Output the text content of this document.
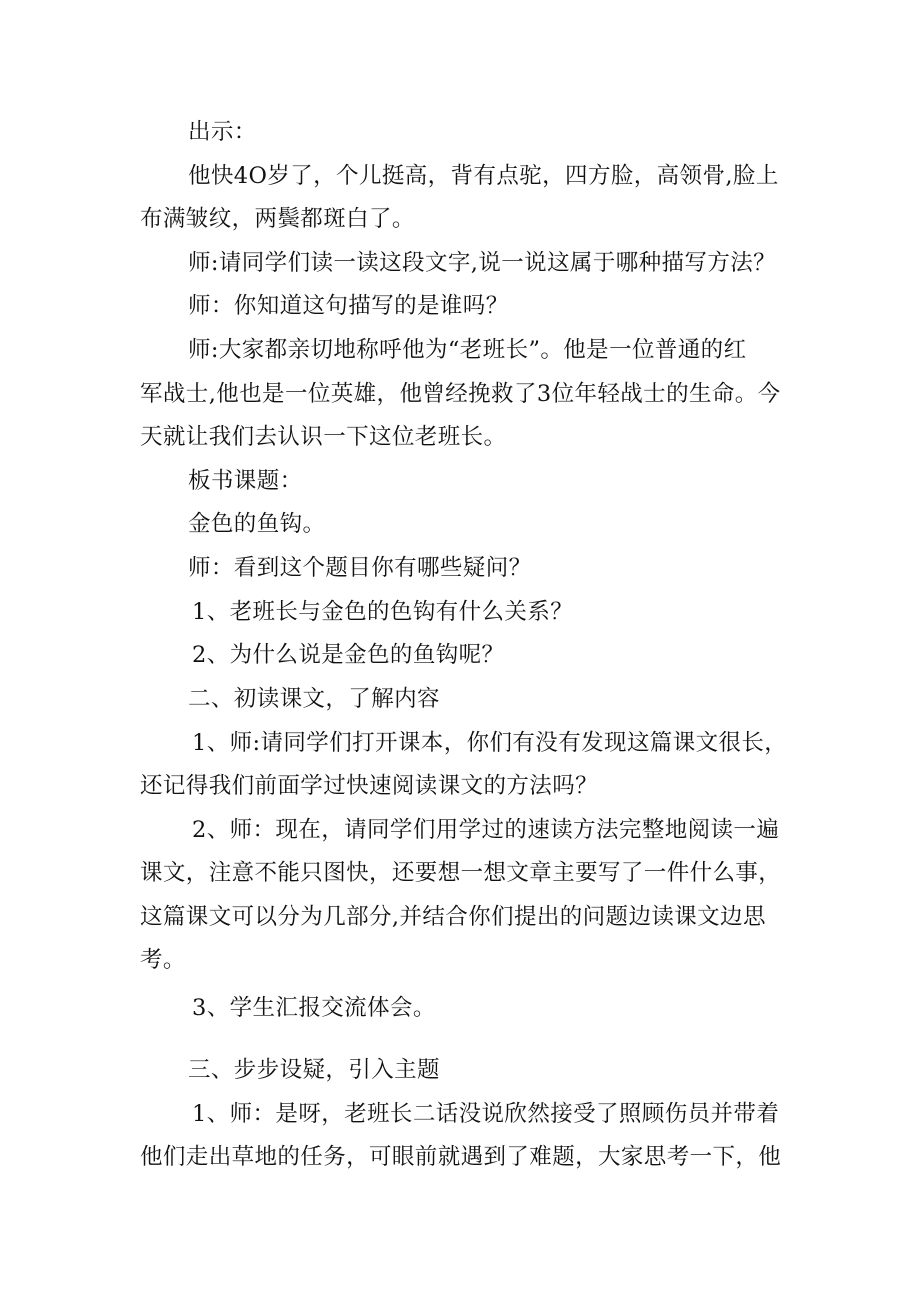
出示：
他快4O岁了，个儿挺高，背有点驼，四方脸，高领骨,脸上
布满皱纹，两鬓都斑白了。
师:请同学们读一读这段文字,说一说这属于哪种描写方法？
师：你知道这句描写的是谁吗？
师:大家都亲切地称呼他为“老班长”。他是一位普通的红
军战士,他也是一位英雄，他曾经挽救了3位年轻战士的生命。今
天就让我们去认识一下这位老班长。
板书课题：
金色的鱼钩。
师：看到这个题目你有哪些疑问？
1、老班长与金色的色钩有什么关系？
2、为什么说是金色的鱼钩呢？
二、初读课文，了解内容
1、师:请同学们打开课本，你们有没有发现这篇课文很长，
还记得我们前面学过快速阅读课文的方法吗？
2、师：现在，请同学们用学过的速读方法完整地阅读一遍
课文，注意不能只图快，还要想一想文章主要写了一件什么事，
这篇课文可以分为几部分,并结合你们提出的问题边读课文边思
考。
3、学生汇报交流体会。
三、步步设疑，引入主题
1、师：是呀，老班长二话没说欣然接受了照顾伤员并带着
他们走出草地的任务，可眼前就遇到了难题，大家思考一下，他
